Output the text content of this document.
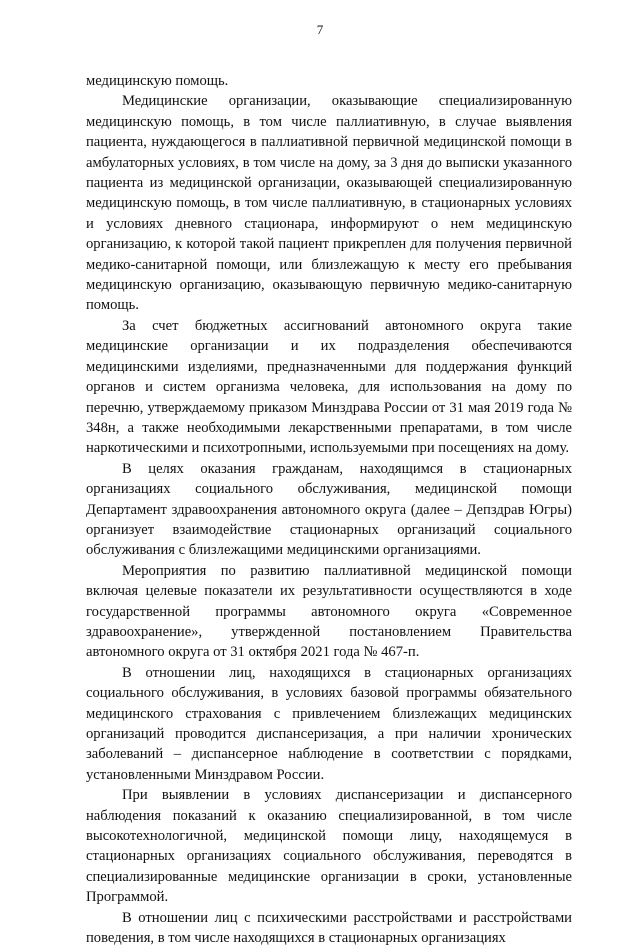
7

медицинскую помощь.

Медицинские организации, оказывающие специализированную медицинскую помощь, в том числе паллиативную, в случае выявления пациента, нуждающегося в паллиативной первичной медицинской помощи в амбулаторных условиях, в том числе на дому, за 3 дня до выписки указанного пациента из медицинской организации, оказывающей специализированную медицинскую помощь, в том числе паллиативную, в стационарных условиях и условиях дневного стационара, информируют о нем медицинскую организацию, к которой такой пациент прикреплен для получения первичной медико-санитарной помощи, или близлежащую к месту его пребывания медицинскую организацию, оказывающую первичную медико-санитарную помощь.

За счет бюджетных ассигнований автономного округа такие медицинские организации и их подразделения обеспечиваются медицинскими изделиями, предназначенными для поддержания функций органов и систем организма человека, для использования на дому по перечню, утверждаемому приказом Минздрава России от 31 мая 2019 года № 348н, а также необходимыми лекарственными препаратами, в том числе наркотическими и психотропными, используемыми при посещениях на дому.

В целях оказания гражданам, находящимся в стационарных организациях социального обслуживания, медицинской помощи Департамент здравоохранения автономного округа (далее – Депздрав Югры) организует взаимодействие стационарных организаций социального обслуживания с близлежащими медицинскими организациями.

Мероприятия по развитию паллиативной медицинской помощи включая целевые показатели их результативности осуществляются в ходе государственной программы автономного округа «Современное здравоохранение», утвержденной постановлением Правительства автономного округа от 31 октября 2021 года № 467-п.

В отношении лиц, находящихся в стационарных организациях социального обслуживания, в условиях базовой программы обязательного медицинского страхования с привлечением близлежащих медицинских организаций проводится диспансеризация, а при наличии хронических заболеваний – диспансерное наблюдение в соответствии с порядками, установленными Минздравом России.

При выявлении в условиях диспансеризации и диспансерного наблюдения показаний к оказанию специализированной, в том числе высокотехнологичной, медицинской помощи лицу, находящемуся в стационарных организациях социального обслуживания, переводятся в специализированные медицинские организации в сроки, установленные Программой.

В отношении лиц с психическими расстройствами и расстройствами поведения, в том числе находящихся в стационарных организациях
